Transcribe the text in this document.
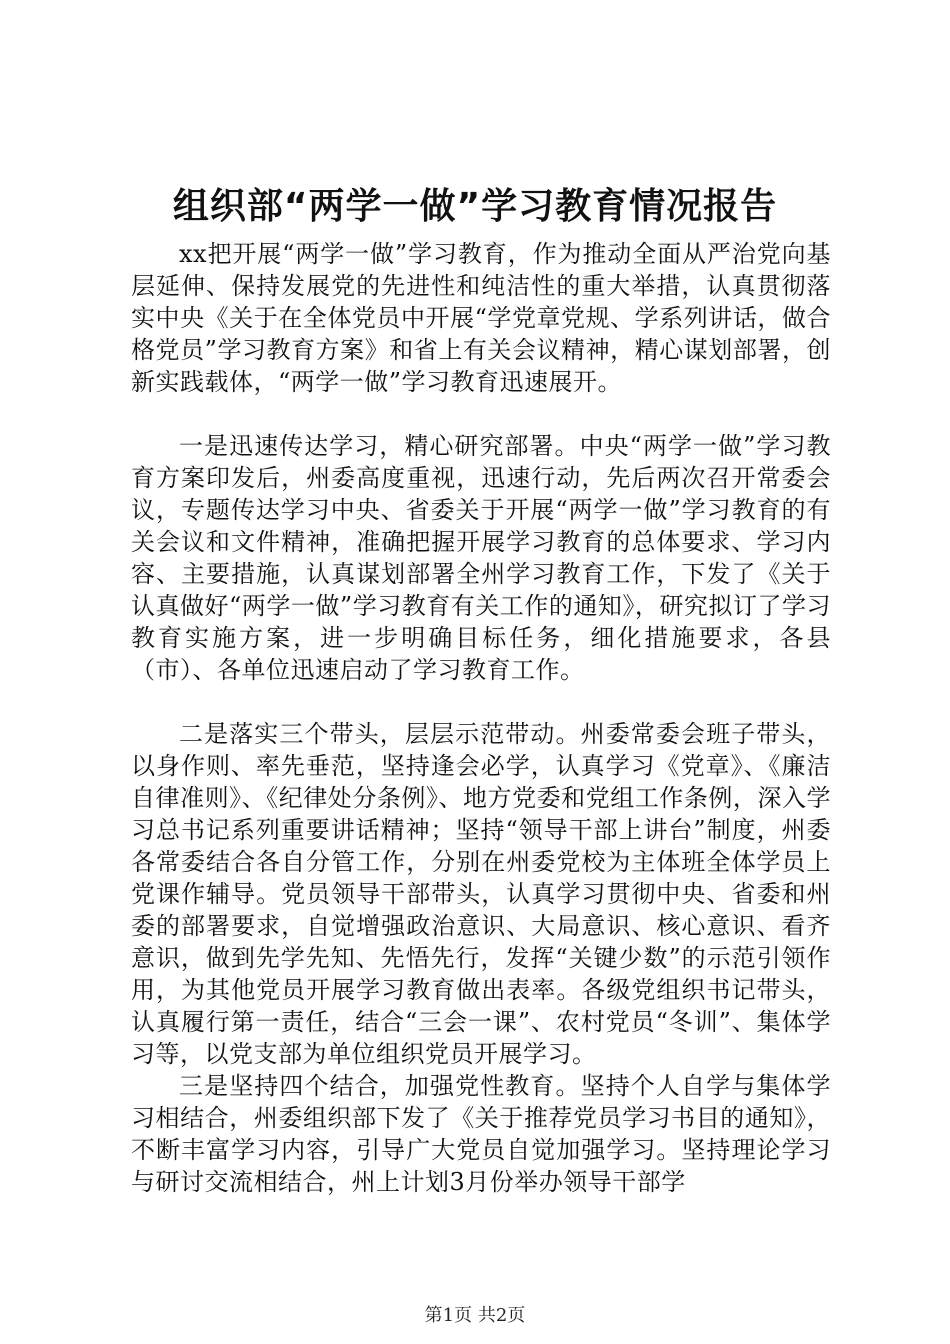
组织部“两学一做”学习教育情况报告

xx把开展“两学一做”学习教育，作为推动全面从严治党向基层延伸、保持发展党的先进性和纯洁性的重大举措，认真贯彻落实中央《关于在全体党员中开展“学党章党规、学系列讲话，做合格党员”学习教育方案》和省上有关会议精神，精心谋划部署，创新实践载体，“两学一做”学习教育迅速展开。

一是迅速传达学习，精心研究部署。中央“两学一做”学习教育方案印发后，州委高度重视，迅速行动，先后两次召开常委会议，专题传达学习中央、省委关于开展“两学一做”学习教育的有关会议和文件精神，准确把握开展学习教育的总体要求、学习内容、主要措施，认真谋划部署全州学习教育工作，下发了《关于认真做好“两学一做”学习教育有关工作的通知》，研究拟订了学习教育实施方案，进一步明确目标任务，细化措施要求，各县（市）、各单位迅速启动了学习教育工作。

二是落实三个带头，层层示范带动。州委常委会班子带头，以身作则、率先垂范，坚持逢会必学，认真学习《党章》、《廉洁自律准则》、《纪律处分条例》、地方党委和党组工作条例，深入学习总书记系列重要讲话精神；坚持“领导干部上讲台”制度，州委各常委结合各自分管工作，分别在州委党校为主体班全体学员上党课作辅导。党员领导干部带头，认真学习贯彻中央、省委和州委的部署要求，自觉增强政治意识、大局意识、核心意识、看齐意识，做到先学先知、先悟先行，发挥“关键少数”的示范引领作用，为其他党员开展学习教育做出表率。各级党组织书记带头，认真履行第一责任，结合“三会一课”、农村党员“冬训”、集体学习等，以党支部为单位组织党员开展学习。

三是坚持四个结合，加强党性教育。坚持个人自学与集体学习相结合，州委组织部下发了《关于推荐党员学习书目的通知》，不断丰富学习内容，引导广大党员自觉加强学习。坚持理论学习与研讨交流相结合，州上计划3月份举办领导干部学

第1页 共2页
